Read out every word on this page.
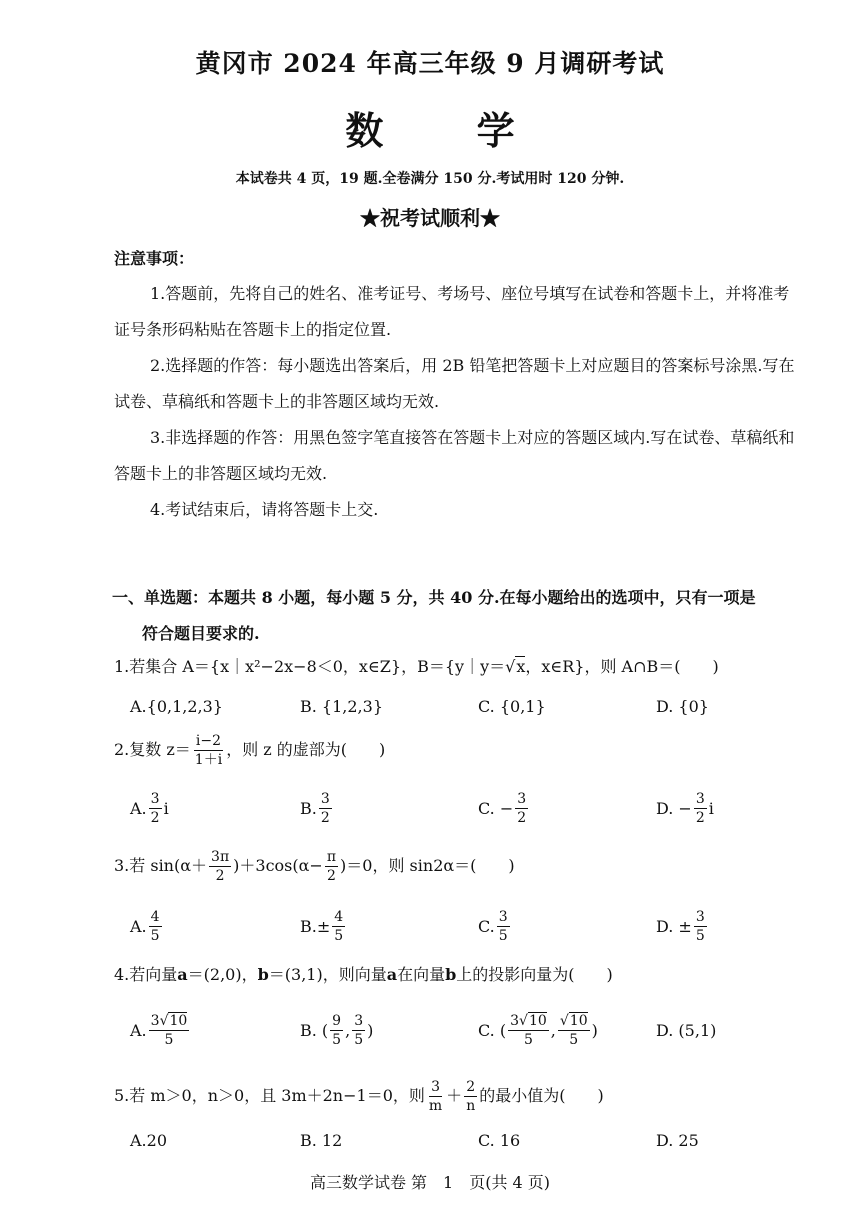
黄冈市 2024 年高三年级 9 月调研考试
数 学
本试卷共 4 页，19 题.全卷满分 150 分.考试用时 120 分钟.
★祝考试顺利★
注意事项：

1.答题前，先将自己的姓名、准考证号、考场号、座位号填写在试卷和答题卡上，并将准考证号条形码粘贴在答题卡上的指定位置.

2.选择题的作答：每小题选出答案后，用 2B 铅笔把答题卡上对应题目的答案标号涂黑.写在试卷、草稿纸和答题卡上的非答题区域均无效.

3.非选择题的作答：用黑色签字笔直接答在答题卡上对应的答题区域内.写在试卷、草稿纸和答题卡上的非答题区域均无效.

4.考试结束后，请将答题卡上交.

一、单选题：本题共 8 小题，每小题 5 分，共 40 分.在每小题给出的选项中，只有一项是
符合题目要求的.
1.若集合 A＝{x｜x²−2x−8＜0，x∈Z}，B＝{y｜y＝√x，x∈R}，则 A∩B＝(　　)
A.{0,1,2,3}	B. {1,2,3}	C. {0,1}	D. {0}
2.复数 $z= \frac{i-2}{1+i}$ ，则 z 的虚部为(　　)
A. $\frac{3}{2}$ i	B. $\frac{3}{2}$	C. − $\frac{3}{2}$	D. − $\frac{3}{2}$ i
3.若 $\sin(\alpha+ \frac{3\pi}{2} )+3\cos(\alpha- \frac{\pi}{2} )=0$，则 sin2α＝(　　)
A. $\frac{4}{5}$	$B.\pm \frac{4}{5}$	C. $\frac{3}{5}$	D. ± $\frac{3}{5}$
4.若向量a＝(2,0)，b＝(3,1)，则向量a在向量b上的投影向量为(　　)
A. $\frac{3√10}{5}$	B. ( $\frac{9}{5}$ , $\frac{3}{5}$ )	C. ( $\frac{3√10}{5}$ , $\frac{√10}{5}$ )	D. (5,1)
5.若 m＞0，n＞0，且 3m＋2n−1＝0，则 $\frac{3}{m} + \frac{2}{n}$ 的最小值为(　　)
A.20	B. 12	C. 16	D. 25
高三数学试卷 第　1　页(共 4 页)
